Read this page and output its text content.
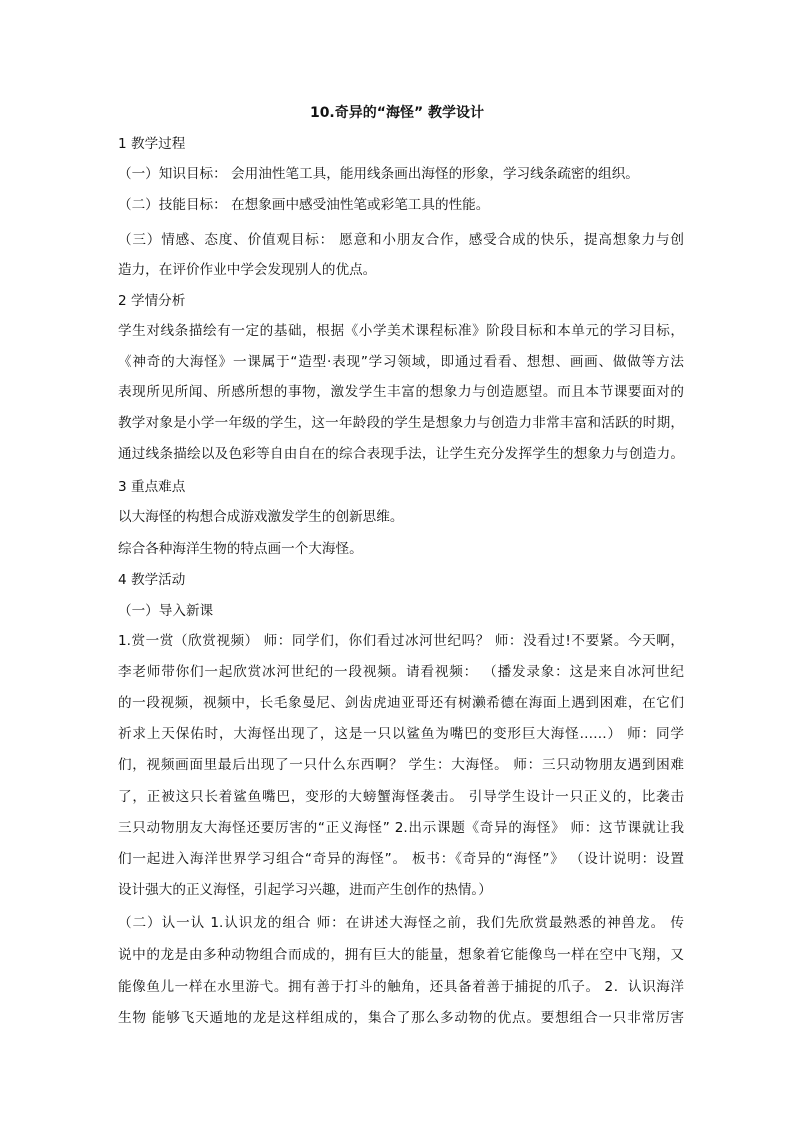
10.奇异的“海怪” 教学设计
1 教学过程
（一）知识目标： 会用油性笔工具，能用线条画出海怪的形象，学习线条疏密的组织。
（二）技能目标： 在想象画中感受油性笔或彩笔工具的性能。
（三）情感、态度、价值观目标： 愿意和小朋友合作，感受合成的快乐，提高想象力与创
造力，在评价作业中学会发现别人的优点。
2 学情分析
学生对线条描绘有一定的基础，根据《小学美术课程标准》阶段目标和本单元的学习目标，
《神奇的大海怪》一课属于“造型·表现”学习领域，即通过看看、想想、画画、做做等方法
表现所见所闻、所感所想的事物，激发学生丰富的想象力与创造愿望。而且本节课要面对的
教学对象是小学一年级的学生，这一年龄段的学生是想象力与创造力非常丰富和活跃的时期，
通过线条描绘以及色彩等自由自在的综合表现手法，让学生充分发挥学生的想象力与创造力。
3 重点难点
以大海怪的构想合成游戏激发学生的创新思维。
综合各种海洋生物的特点画一个大海怪。
4 教学活动
（一）导入新课
1.赏一赏（欣赏视频） 师：同学们，你们看过冰河世纪吗？ 师：没看过!不要紧。今天啊，
李老师带你们一起欣赏冰河世纪的一段视频。请看视频： （播发录象：这是来自冰河世纪
的一段视频，视频中，长毛象曼尼、剑齿虎迪亚哥还有树濑希德在海面上遇到困难，在它们
祈求上天保佑时，大海怪出现了，这是一只以鲨鱼为嘴巴的变形巨大海怪……） 师：同学
们，视频画面里最后出现了一只什么东西啊？ 学生：大海怪。 师：三只动物朋友遇到困难
了，正被这只长着鲨鱼嘴巴，变形的大螃蟹海怪袭击。 引导学生设计一只正义的，比袭击
三只动物朋友大海怪还要厉害的“正义海怪” 2.出示课题《奇异的海怪》 师：这节课就让我
们一起进入海洋世界学习组合“奇异的海怪”。 板书：《奇异的“海怪”》 （设计说明：设置
设计强大的正义海怪，引起学习兴趣，进而产生创作的热情。）
（二）认一认 1.认识龙的组合 师：在讲述大海怪之前，我们先欣赏最熟悉的神兽龙。 传
说中的龙是由多种动物组合而成的，拥有巨大的能量，想象着它能像鸟一样在空中飞翔，又
能像鱼儿一样在水里游弋。拥有善于打斗的触角，还具备着善于捕捉的爪子。 2．认识海洋
生物 能够飞天遁地的龙是这样组成的，集合了那么多动物的优点。要想组合一只非常厉害
